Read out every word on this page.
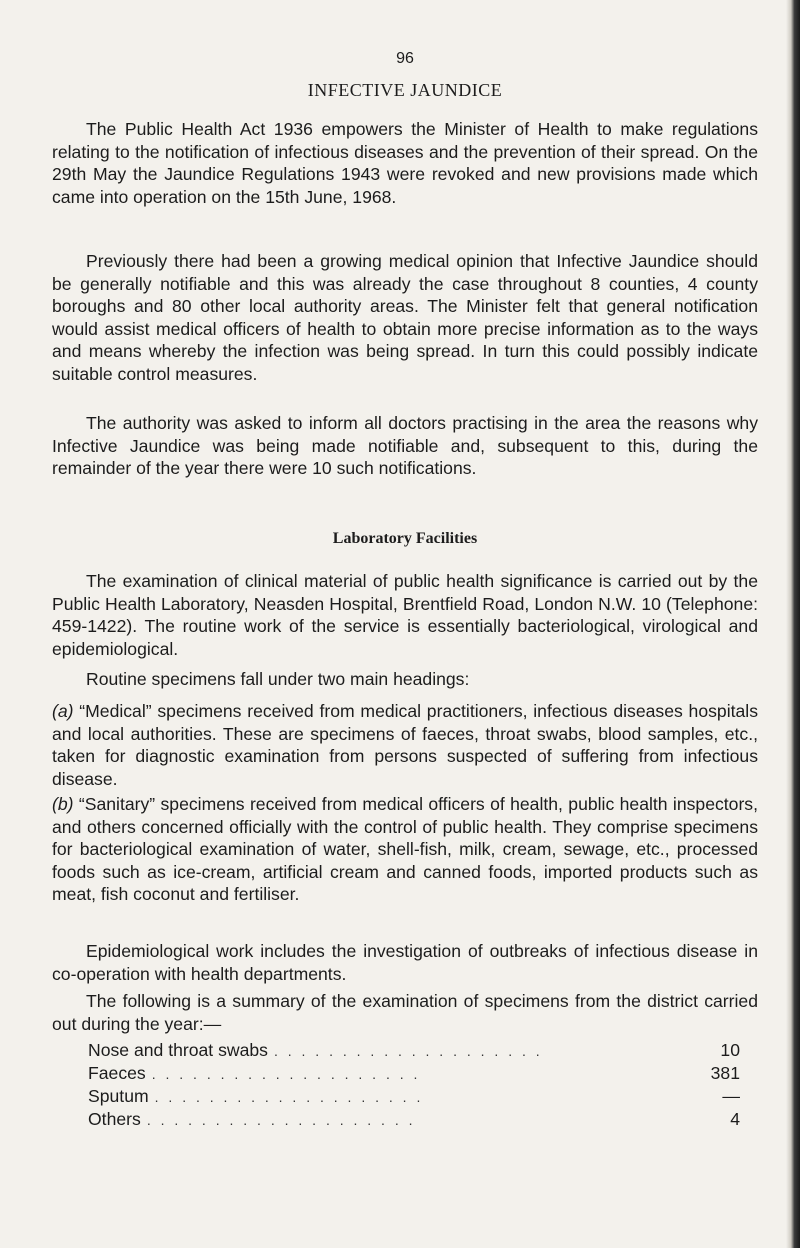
96
INFECTIVE JAUNDICE

The Public Health Act 1936 empowers the Minister of Health to make regulations relating to the notification of infectious diseases and the prevention of their spread. On the 29th May the Jaundice Regulations 1943 were revoked and new provisions made which came into operation on the 15th June, 1968.

Previously there had been a growing medical opinion that Infective Jaundice should be generally notifiable and this was already the case throughout 8 counties, 4 county boroughs and 80 other local authority areas. The Minister felt that general notification would assist medical officers of health to obtain more precise information as to the ways and means whereby the infection was being spread. In turn this could possibly indicate suitable control measures.

The authority was asked to inform all doctors practising in the area the reasons why Infective Jaundice was being made notifiable and, subsequent to this, during the remainder of the year there were 10 such notifications.

Laboratory Facilities

The examination of clinical material of public health significance is carried out by the Public Health Laboratory, Neasden Hospital, Brentfield Road, London N.W. 10 (Telephone: 459-1422). The routine work of the service is essentially bacteriological, virological and epidemiological.

Routine specimens fall under two main headings:

(a) “Medical” specimens received from medical practitioners, infectious diseases hospitals and local authorities. These are specimens of faeces, throat swabs, blood samples, etc., taken for diagnostic examination from persons suspected of suffering from infectious disease.

(b) “Sanitary” specimens received from medical officers of health, public health inspectors, and others concerned officially with the control of public health. They comprise specimens for bacteriological examination of water, shell-fish, milk, cream, sewage, etc., processed foods such as ice-cream, artificial cream and canned foods, imported products such as meat, fish coconut and fertiliser.

Epidemiological work includes the investigation of outbreaks of infectious disease in co-operation with health departments.

The following is a summary of the examination of specimens from the district carried out during the year:—

Nose and throat swabs . . . . . . . . . . . . . . . . . . . .	10
Faeces . . . . . . . . . . . . . . . . . . . .	381
Sputum . . . . . . . . . . . . . . . . . . . .	—
Others . . . . . . . . . . . . . . . . . . . .	4
